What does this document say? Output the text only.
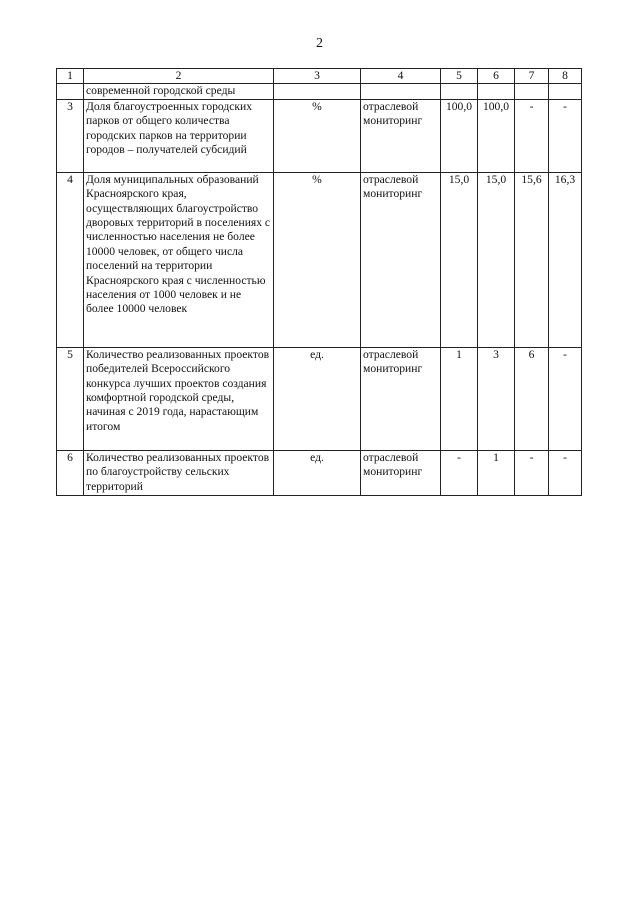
2
1	2	3	4	5	6	7	8
	современной городской среды						
3	Доля благоустроенных городских парков от общего количества городских парков на территории городов – получателей субсидий	%	отраслевой мониторинг	100,0	100,0	-	-
4	Доля муниципальных образований Красноярского края, осуществляющих благоустройство дворовых территорий в поселениях с численностью населения не более 10000 человек, от общего числа поселений на территории Красноярского края с численностью населения от 1000 человек и не более 10000 человек	%	отраслевой мониторинг	15,0	15,0	15,6	16,3
5	Количество реализованных проектов победителей Всероссийского конкурса лучших проектов создания комфортной городской среды, начиная с 2019 года, нарастающим итогом	ед.	отраслевой мониторинг	1	3	6	-
6	Количество реализованных проектов по благоустройству сельских территорий	ед.	отраслевой мониторинг	-	1	-	-
